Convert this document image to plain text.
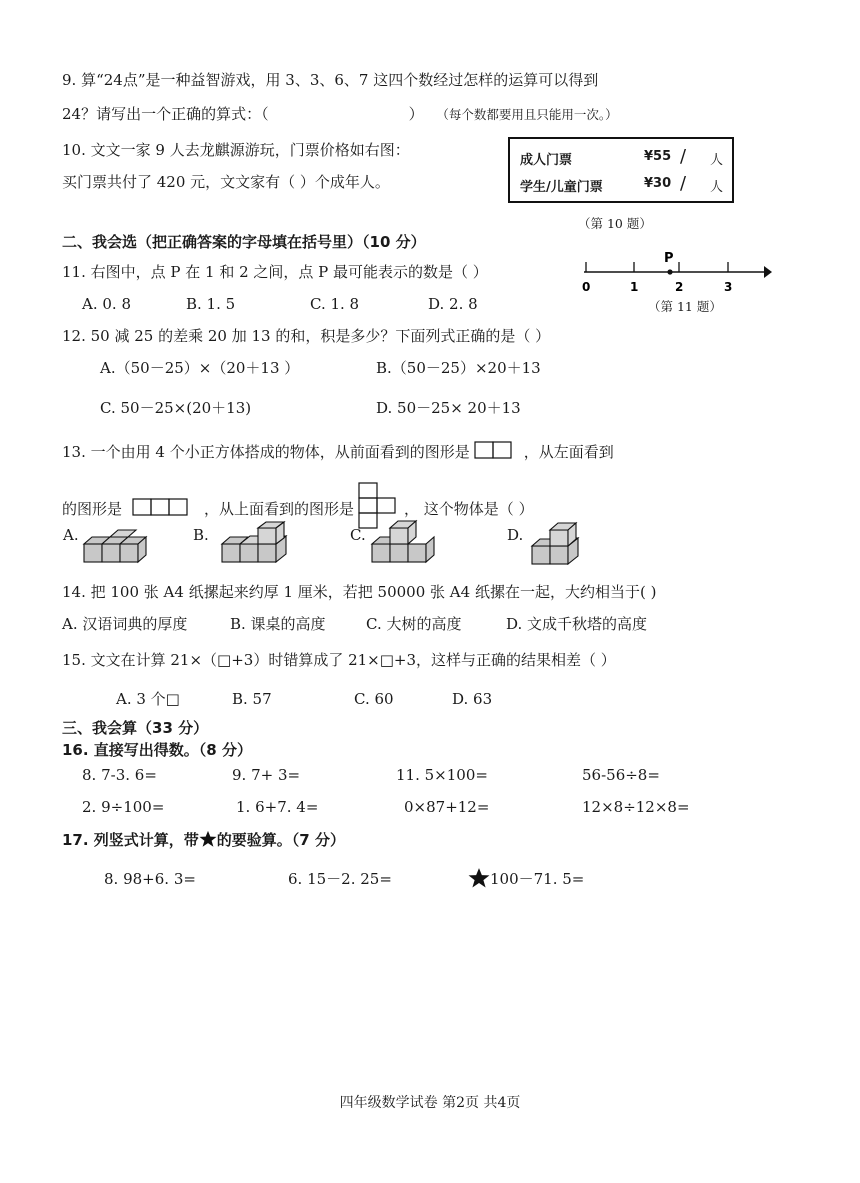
9. 算“24点”是一种益智游戏，用 3、3、6、7 这四个数经过怎样的运算可以得到
24？请写出一个正确的算式：（	） （每个数都要用且只能用一次。）
10. 文文一家 9 人去龙麒源游玩，门票价格如右图：
买门票共付了 420 元，文文家有（ ）个成年人。
成人门票	¥55 / 人
学生/儿童门票	¥30 / 人
（第 10 题）
二、我会选（把正确答案的字母填在括号里）（10 分）
11. 右图中，点 P 在 1 和 2 之间，点 P 最可能表示的数是（ ）
A. 0. 8	B. 1. 5	C. 1. 8	D. 2. 8
P
0	1	2	3
（第 11 题）
12. 50 减 25 的差乘 20 加 13 的和，积是多少？下面列式正确的是（ ）
A.（50－25）×（20＋13 ）	B.（50－25）×20＋13
C. 50－25×(20＋13)	D. 50－25× 20＋13
13. 一个由用 4 个小正方体搭成的物体，从前面看到的图形是	，从左面看到
的图形是	，从上面看到的图形是	， 这个物体是（ ）
A.	B.	C.	D.
14. 把 100 张 A4 纸摞起来约厚 1 厘米，若把 50000 张 A4 纸摞在一起，大约相当于( )
A. 汉语词典的厚度	B. 课桌的高度	C. 大树的高度	D. 文成千秋塔的高度
15. 文文在计算 21×（□+3）时错算成了 21×□+3，这样与正确的结果相差（ ）
A. 3 个□	B. 57	C. 60	D. 63
三、我会算（33 分）
16. 直接写出得数。（8 分）
8. 7-3. 6=	9. 7+ 3=	11. 5×100=	56-56÷8=
2. 9÷100=	1. 6+7. 4=	0×87+12=	12×8÷12×8=
17. 列竖式计算，带 的要验算。（7 分）
8. 98+6. 3=	6. 15－2. 25=	100－71. 5=
四年级数学试卷 第2页 共4页
